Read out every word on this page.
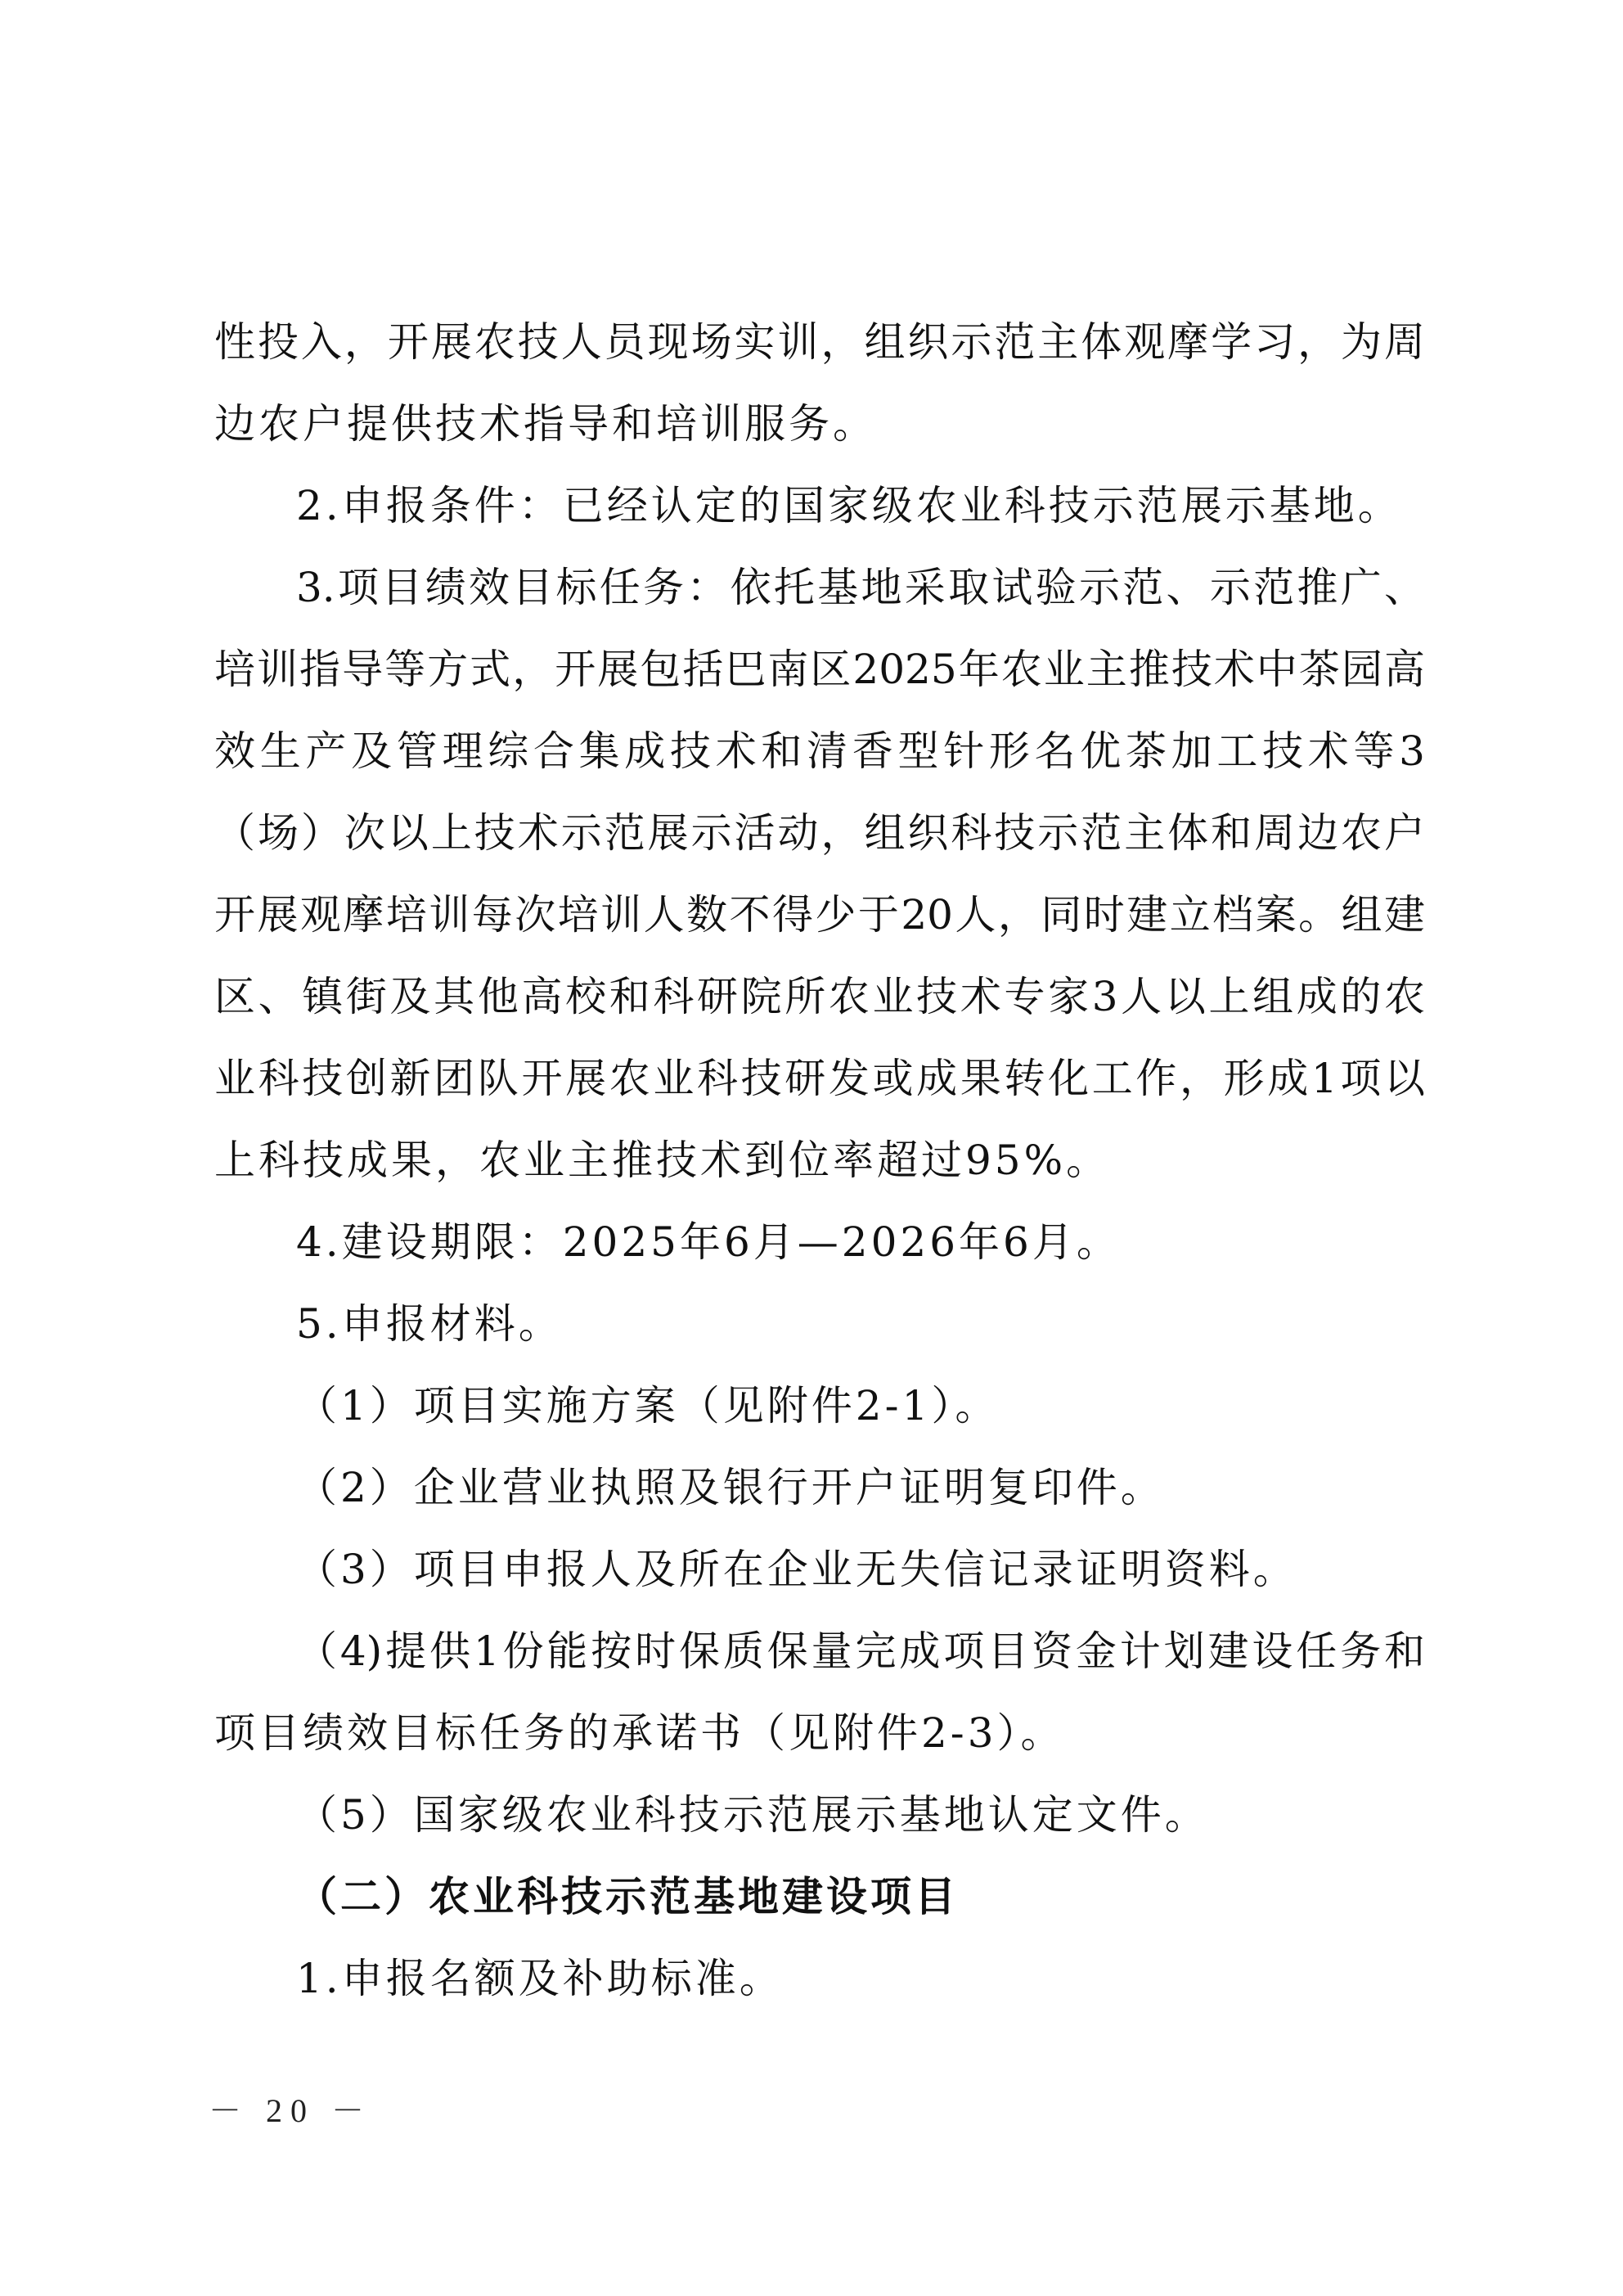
性投入，开展农技人员现场实训，组织示范主体观摩学习，为周
边农户提供技术指导和培训服务。
2.申报条件：已经认定的国家级农业科技示范展示基地。
3.项目绩效目标任务：依托基地采取试验示范、示范推广、
培训指导等方式，开展包括巴南区2025年农业主推技术中茶园高
效生产及管理综合集成技术和清香型针形名优茶加工技术等3
（场）次以上技术示范展示活动，组织科技示范主体和周边农户
开展观摩培训每次培训人数不得少于20人，同时建立档案。组建
区、镇街及其他高校和科研院所农业技术专家3人以上组成的农
业科技创新团队开展农业科技研发或成果转化工作，形成1项以
上科技成果，农业主推技术到位率超过95%。
4.建设期限：2025年6月—2026年6月。
5.申报材料。
（1）项目实施方案（见附件2-1）。
（2）企业营业执照及银行开户证明复印件。
（3）项目申报人及所在企业无失信记录证明资料。
（4)提供1份能按时保质保量完成项目资金计划建设任务和
项目绩效目标任务的承诺书（见附件2-3）。
（5）国家级农业科技示范展示基地认定文件。
（二）农业科技示范基地建设项目
1.申报名额及补助标准。
－ 20 －
